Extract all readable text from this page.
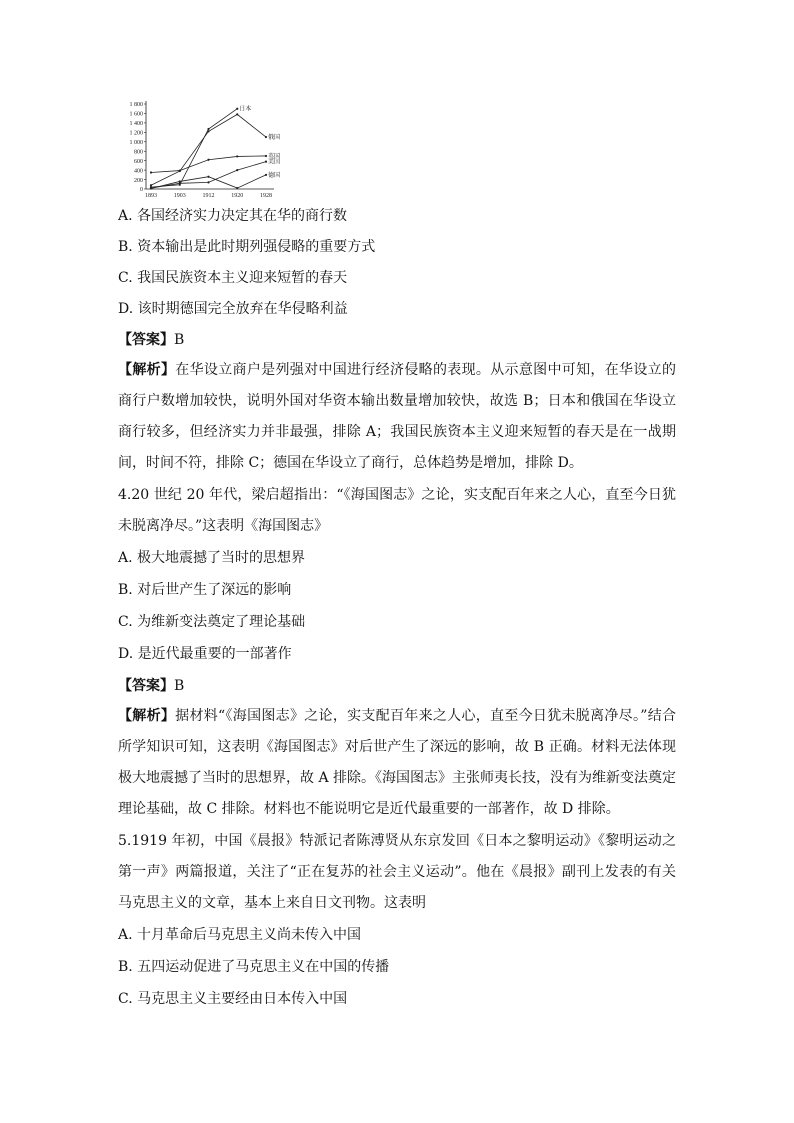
1 800
1 600
1 400
1 200
1 000
800
600
400
200
0
1893	1903	1912	1920	1928
日本
俄国
英国
美国
德国
A. 各国经济实力决定其在华的商行数
B. 资本输出是此时期列强侵略的重要方式
C. 我国民族资本主义迎来短暂的春天
D. 该时期德国完全放弃在华侵略利益
【答案】B
【解析】在华设立商户是列强对中国进行经济侵略的表现。从示意图中可知，在华设立的商行户数增加较快，说明外国对华资本输出数量增加较快，故选 B；日本和俄国在华设立商行较多，但经济实力并非最强，排除 A；我国民族资本主义迎来短暂的春天是在一战期间，时间不符，排除 C；德国在华设立了商行，总体趋势是增加，排除 D。
4.20 世纪 20 年代，梁启超指出：“《海国图志》之论，实支配百年来之人心，直至今日犹未脱离净尽。”这表明《海国图志》
A. 极大地震撼了当时的思想界
B. 对后世产生了深远的影响
C. 为维新变法奠定了理论基础
D. 是近代最重要的一部著作
【答案】B
【解析】据材料“《海国图志》之论，实支配百年来之人心，直至今日犹未脱离净尽。”结合所学知识可知，这表明《海国图志》对后世产生了深远的影响，故 B 正确。材料无法体现极大地震撼了当时的思想界，故 A 排除。《海国图志》主张师夷长技，没有为维新变法奠定理论基础，故 C 排除。材料也不能说明它是近代最重要的一部著作，故 D 排除。
5.1919 年初，中国《晨报》特派记者陈溥贤从东京发回《日本之黎明运动》《黎明运动之第一声》两篇报道，关注了“正在复苏的社会主义运动”。他在《晨报》副刊上发表的有关马克思主义的文章，基本上来自日文刊物。这表明
A. 十月革命后马克思主义尚未传入中国
B. 五四运动促进了马克思主义在中国的传播
C. 马克思主义主要经由日本传入中国
